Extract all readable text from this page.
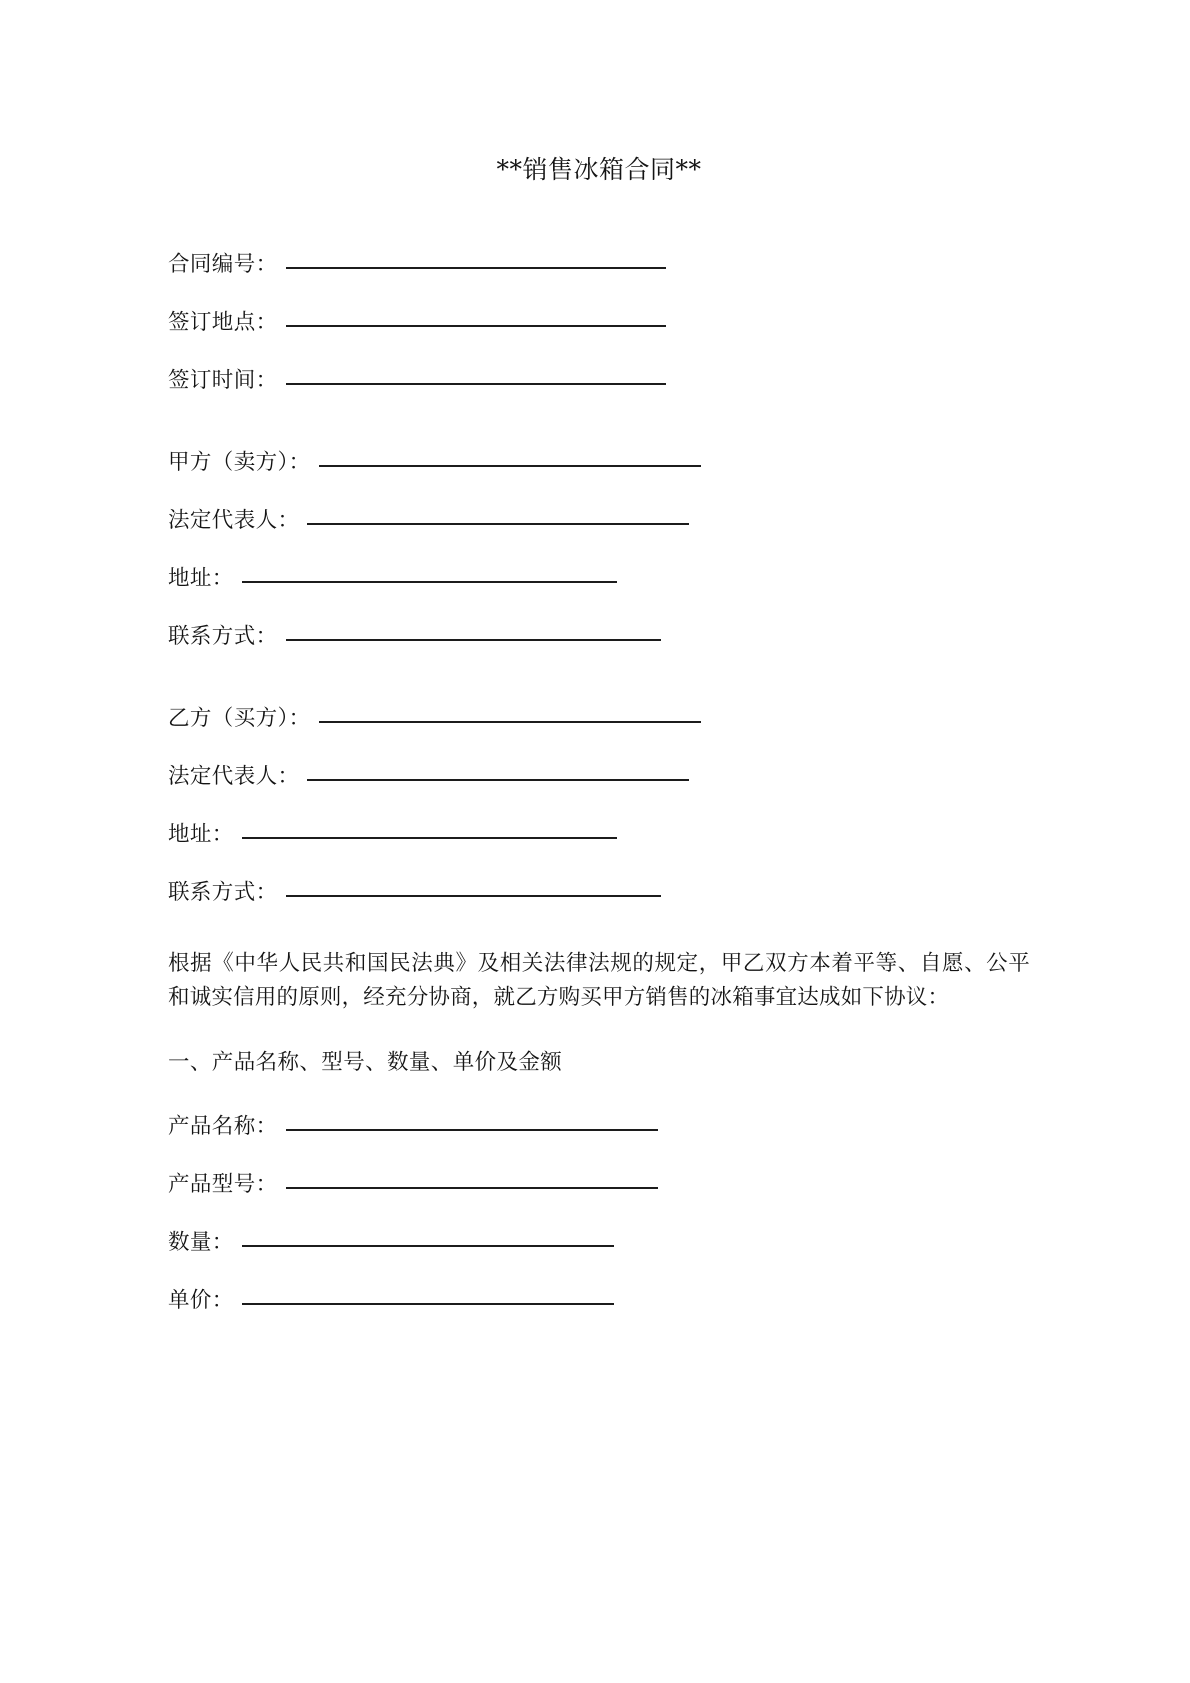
**销售冰箱合同**
合同编号：
签订地点：
签订时间：
甲方（卖方）：
法定代表人：
地址：
联系方式：
乙方（买方）：
法定代表人：
地址：
联系方式：

根据《中华人民共和国民法典》及相关法律法规的规定，甲乙双方本着平等、自愿、公平和诚实信用的原则，经充分协商，就乙方购买甲方销售的冰箱事宜达成如下协议：

一、产品名称、型号、数量、单价及金额

产品名称：
产品型号：
数量：
单价：
